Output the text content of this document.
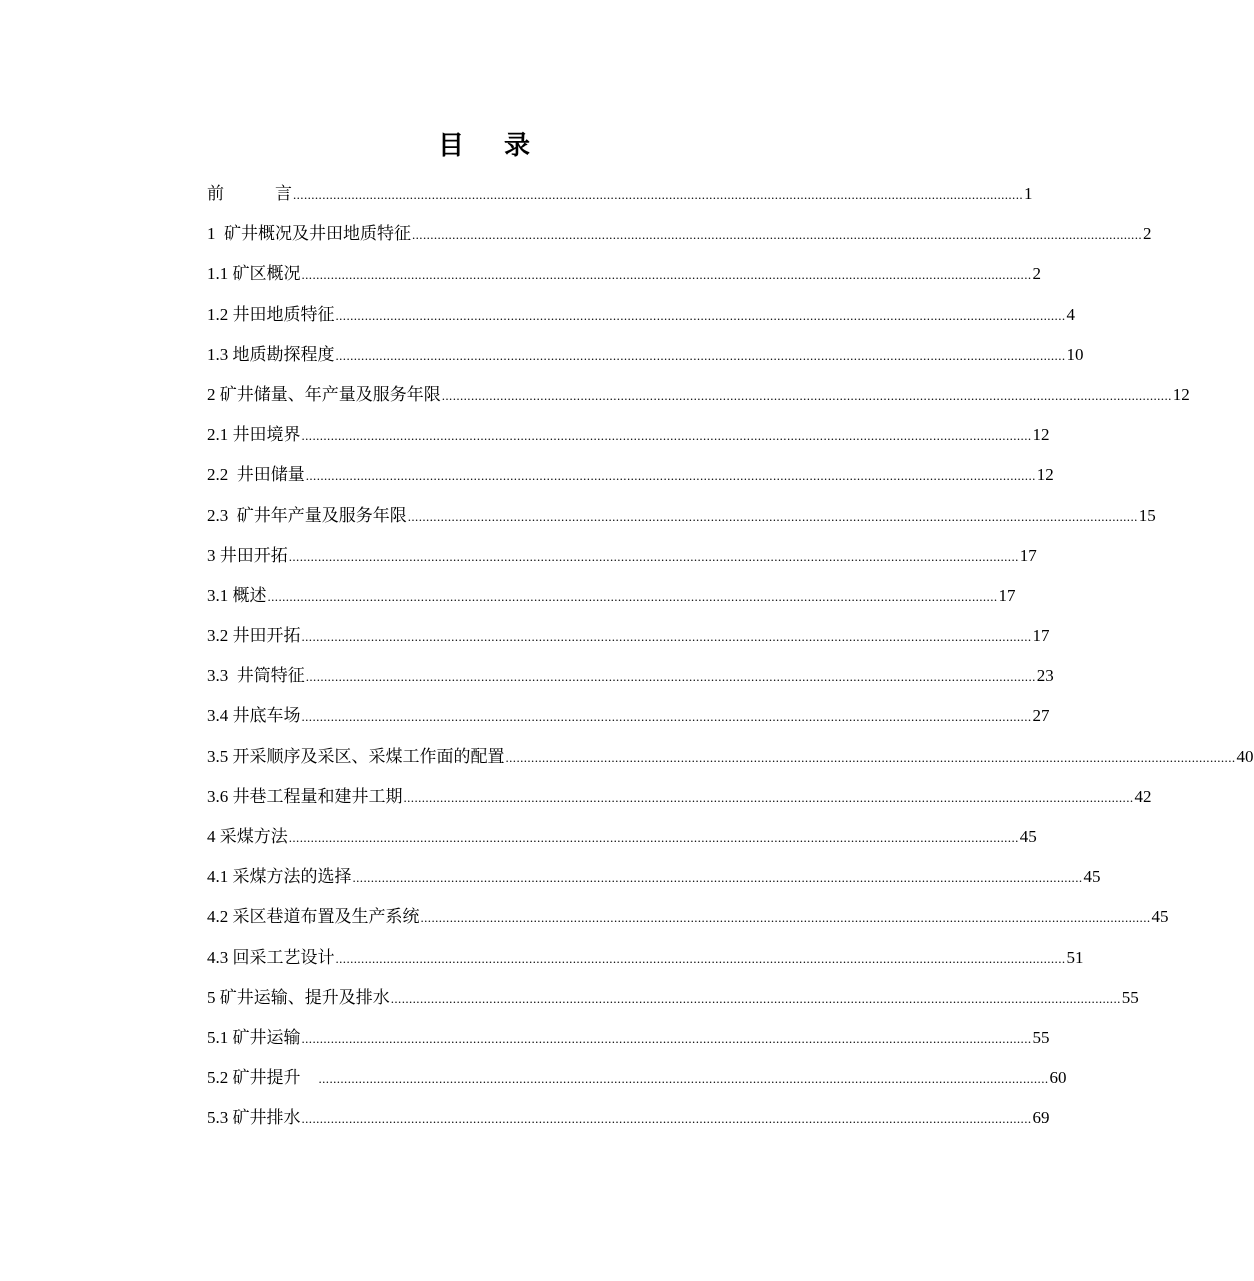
目 录
前　　　言 ........................................................................................................................................................................................................ 1
1  矿井概况及井田地质特征 ........................................................................................................................................................................................................ 2
1.1 矿区概况 ........................................................................................................................................................................................................ 2
1.2 井田地质特征 ........................................................................................................................................................................................................ 4
1.3 地质勘探程度 ........................................................................................................................................................................................................ 10
2 矿井储量、年产量及服务年限 ........................................................................................................................................................................................................ 12
2.1 井田境界 ........................................................................................................................................................................................................ 12
2.2  井田储量 ........................................................................................................................................................................................................ 12
2.3  矿井年产量及服务年限 ........................................................................................................................................................................................................ 15
3 井田开拓 ........................................................................................................................................................................................................ 17
3.1 概述 ........................................................................................................................................................................................................ 17
3.2 井田开拓 ........................................................................................................................................................................................................ 17
3.3  井筒特征 ........................................................................................................................................................................................................ 23
3.4 井底车场 ........................................................................................................................................................................................................ 27
3.5 开采顺序及采区、采煤工作面的配置 ........................................................................................................................................................................................................ 40
3.6 井巷工程量和建井工期 ........................................................................................................................................................................................................ 42
4 采煤方法 ........................................................................................................................................................................................................ 45
4.1 采煤方法的选择 ........................................................................................................................................................................................................ 45
4.2 采区巷道布置及生产系统 ........................................................................................................................................................................................................ 45
4.3 回采工艺设计 ........................................................................................................................................................................................................ 51
5 矿井运输、提升及排水 ........................................................................................................................................................................................................ 55
5.1 矿井运输 ........................................................................................................................................................................................................ 55
5.2 矿井提升 ........................................................................................................................................................................................................ 60
5.3 矿井排水 ........................................................................................................................................................................................................ 69
